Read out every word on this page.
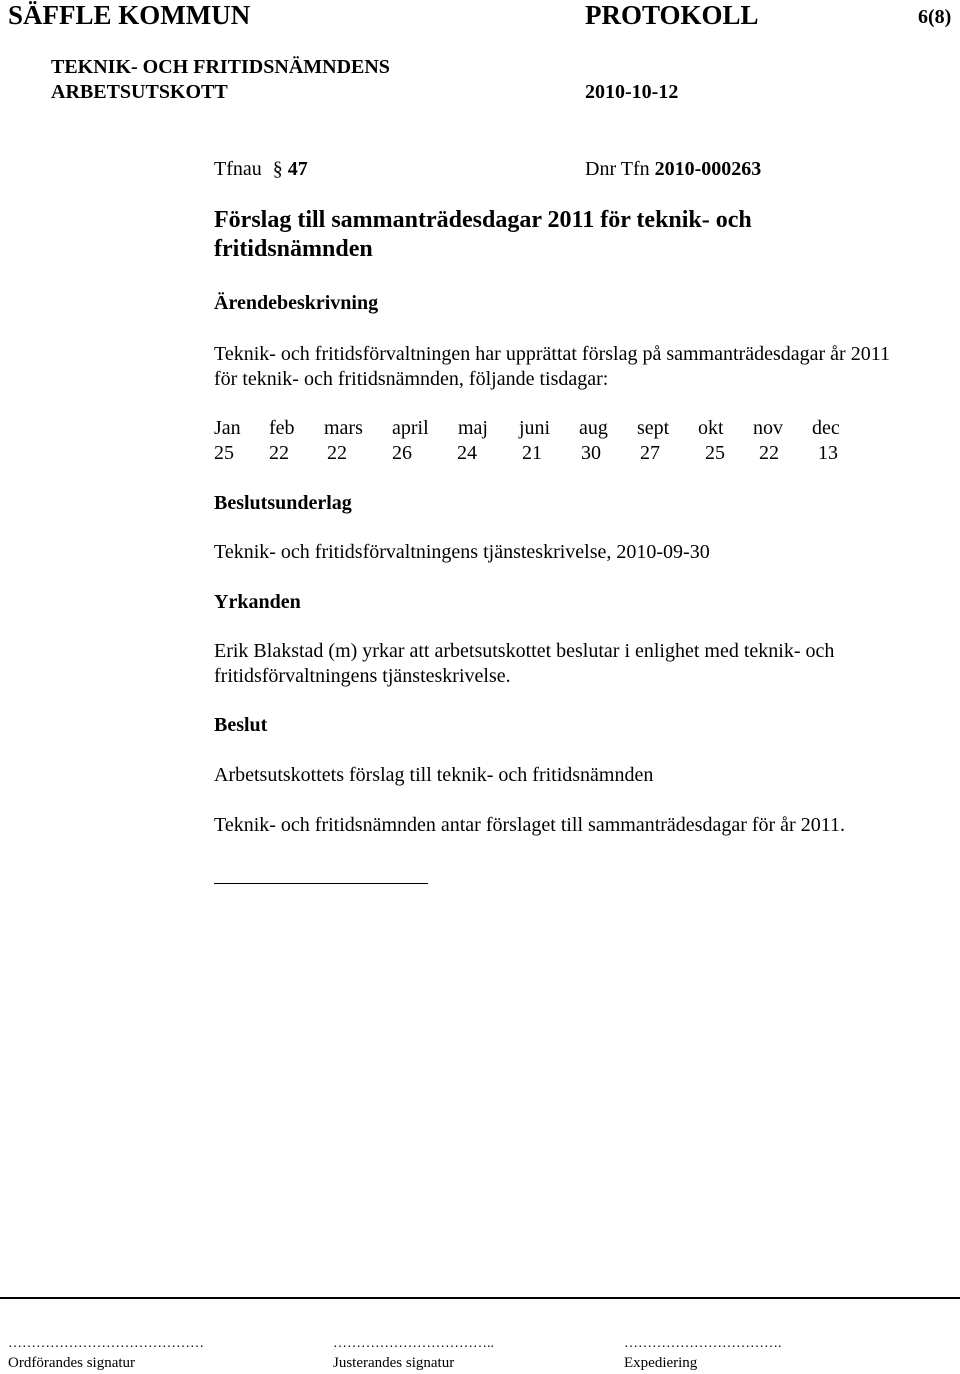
SÄFFLE KOMMUN	PROTOKOLL	6(8)
TEKNIK- OCH FRITIDSNÄMNDENS
ARBETSUTSKOTT	2010-10-12
Tfnau § 47	Dnr Tfn 2010-000263
Förslag till sammanträdesdagar 2011 för teknik- och
fritidsnämnden
Ärendebeskrivning
Teknik- och fritidsförvaltningen har upprättat förslag på sammanträdesdagar år 2011
för teknik- och fritidsnämnden, följande tisdagar:
Jan feb mars april maj juni aug sept okt nov dec
25 22 22 26 24 21 30 27 25 22 13
Beslutsunderlag
Teknik- och fritidsförvaltningens tjänsteskrivelse, 2010-09-30
Yrkanden
Erik Blakstad (m) yrkar att arbetsutskottet beslutar i enlighet med teknik- och
fritidsförvaltningens tjänsteskrivelse.
Beslut
Arbetsutskottets förslag till teknik- och fritidsnämnden
Teknik- och fritidsnämnden antar förslaget till sammanträdesdagar för år 2011.
……………………………………
Ordförandes signatur
……………………………..
Justerandes signatur
…………………………….
Expediering
